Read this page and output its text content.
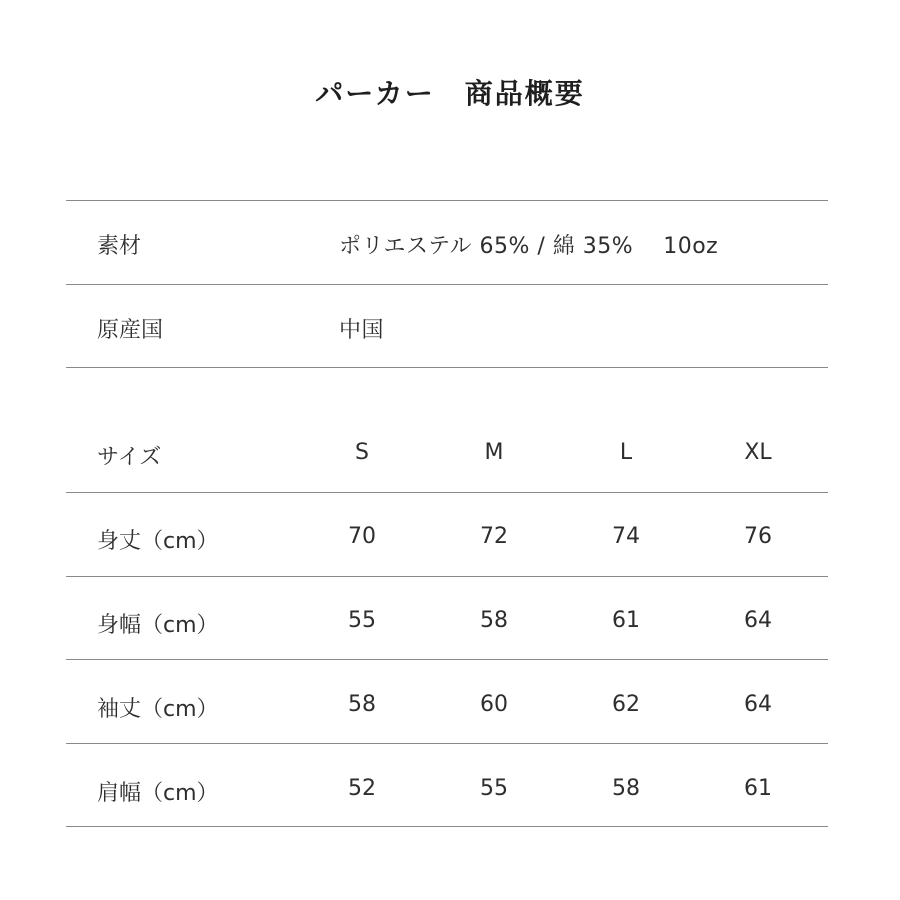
パーカー　商品概要
素材	ポリエステル 65% / 綿 35%　 10oz
原産国	中国
サイズ	S	M	L	XL
身丈（cm）	70	72	74	76
身幅（cm）	55	58	61	64
袖丈（cm）	58	60	62	64
肩幅（cm）	52	55	58	61
